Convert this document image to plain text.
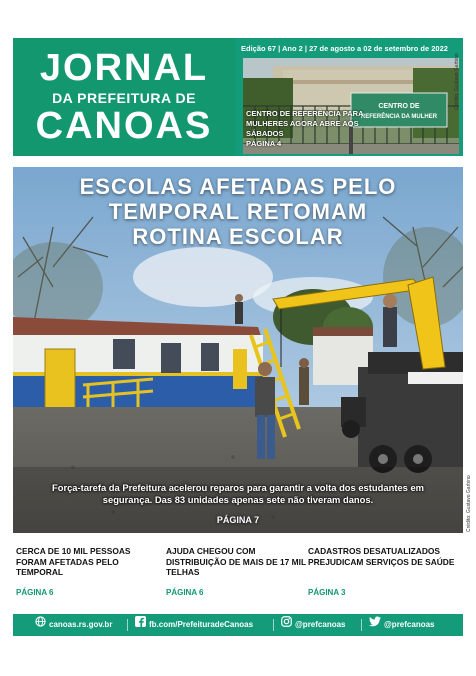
JORNAL
DA PREFEITURA DE
CANOAS
Edição 67 | Ano 2 | 27 de agosto a 02 de setembro de 2022
CENTRO DE
REFERÊNCIA DA MULHER
CENTRO DE REFERÊNCIA PARA MULHERES AGORA ABRE AOS SÁBADOS
PÁGINA 4
Crédito: Gustavo Garbino
ESCOLAS AFETADAS PELO
TEMPORAL RETOMAM
ROTINA ESCOLAR
Força-tarefa da Prefeitura acelerou reparos para garantir a volta dos estudantes em segurança. Das 83 unidades apenas sete não tiveram danos.
PÁGINA 7	Crédito: Gustavo Garbino
CERCA DE 10 MIL PESSOAS FORAM AFETADAS PELO TEMPORAL
PÁGINA 6
AJUDA CHEGOU COM DISTRIBUIÇÃO DE MAIS DE 17 MIL TELHAS
PÁGINA 6
CADASTROS DESATUALIZADOS PREJUDICAM SERVIÇOS DE SAÚDE
PÁGINA 3
canoas.rs.gov.br	fb.com/PrefeituradeCanoas	@prefcanoas	@prefcanoas
